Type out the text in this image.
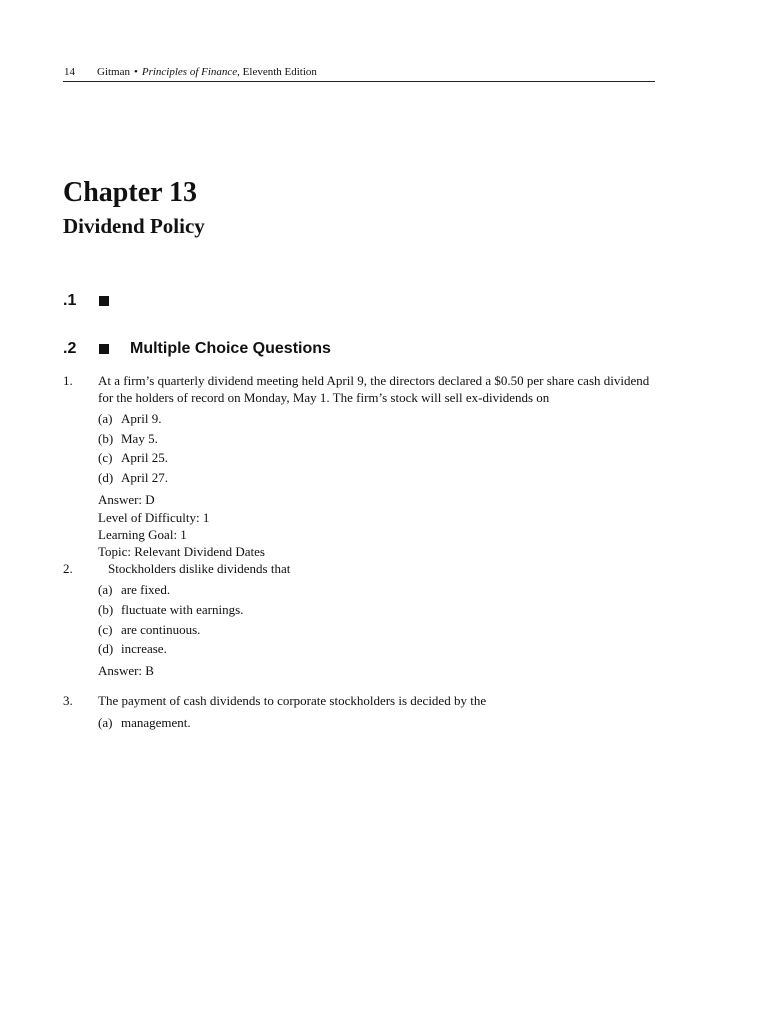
14 Gitman • Principles of Finance, Eleventh Edition
Chapter 13
Dividend Policy
.1
.2	Multiple Choice Questions
1. At a firm’s quarterly dividend meeting held April 9, the directors declared a $0.50 per share cash dividend for the holders of record on Monday, May 1. The firm’s stock will sell ex-dividends on
(a) April 9.
(b) May 5.
(c) April 25.
(d) April 27.
Answer: D
Level of Difficulty: 1
Learning Goal: 1
Topic: Relevant Dividend Dates
2.	Stockholders dislike dividends that
(a) are fixed.
(b) fluctuate with earnings.
(c) are continuous.
(d) increase.
Answer: B
3. The payment of cash dividends to corporate stockholders is decided by the
(a) management.
